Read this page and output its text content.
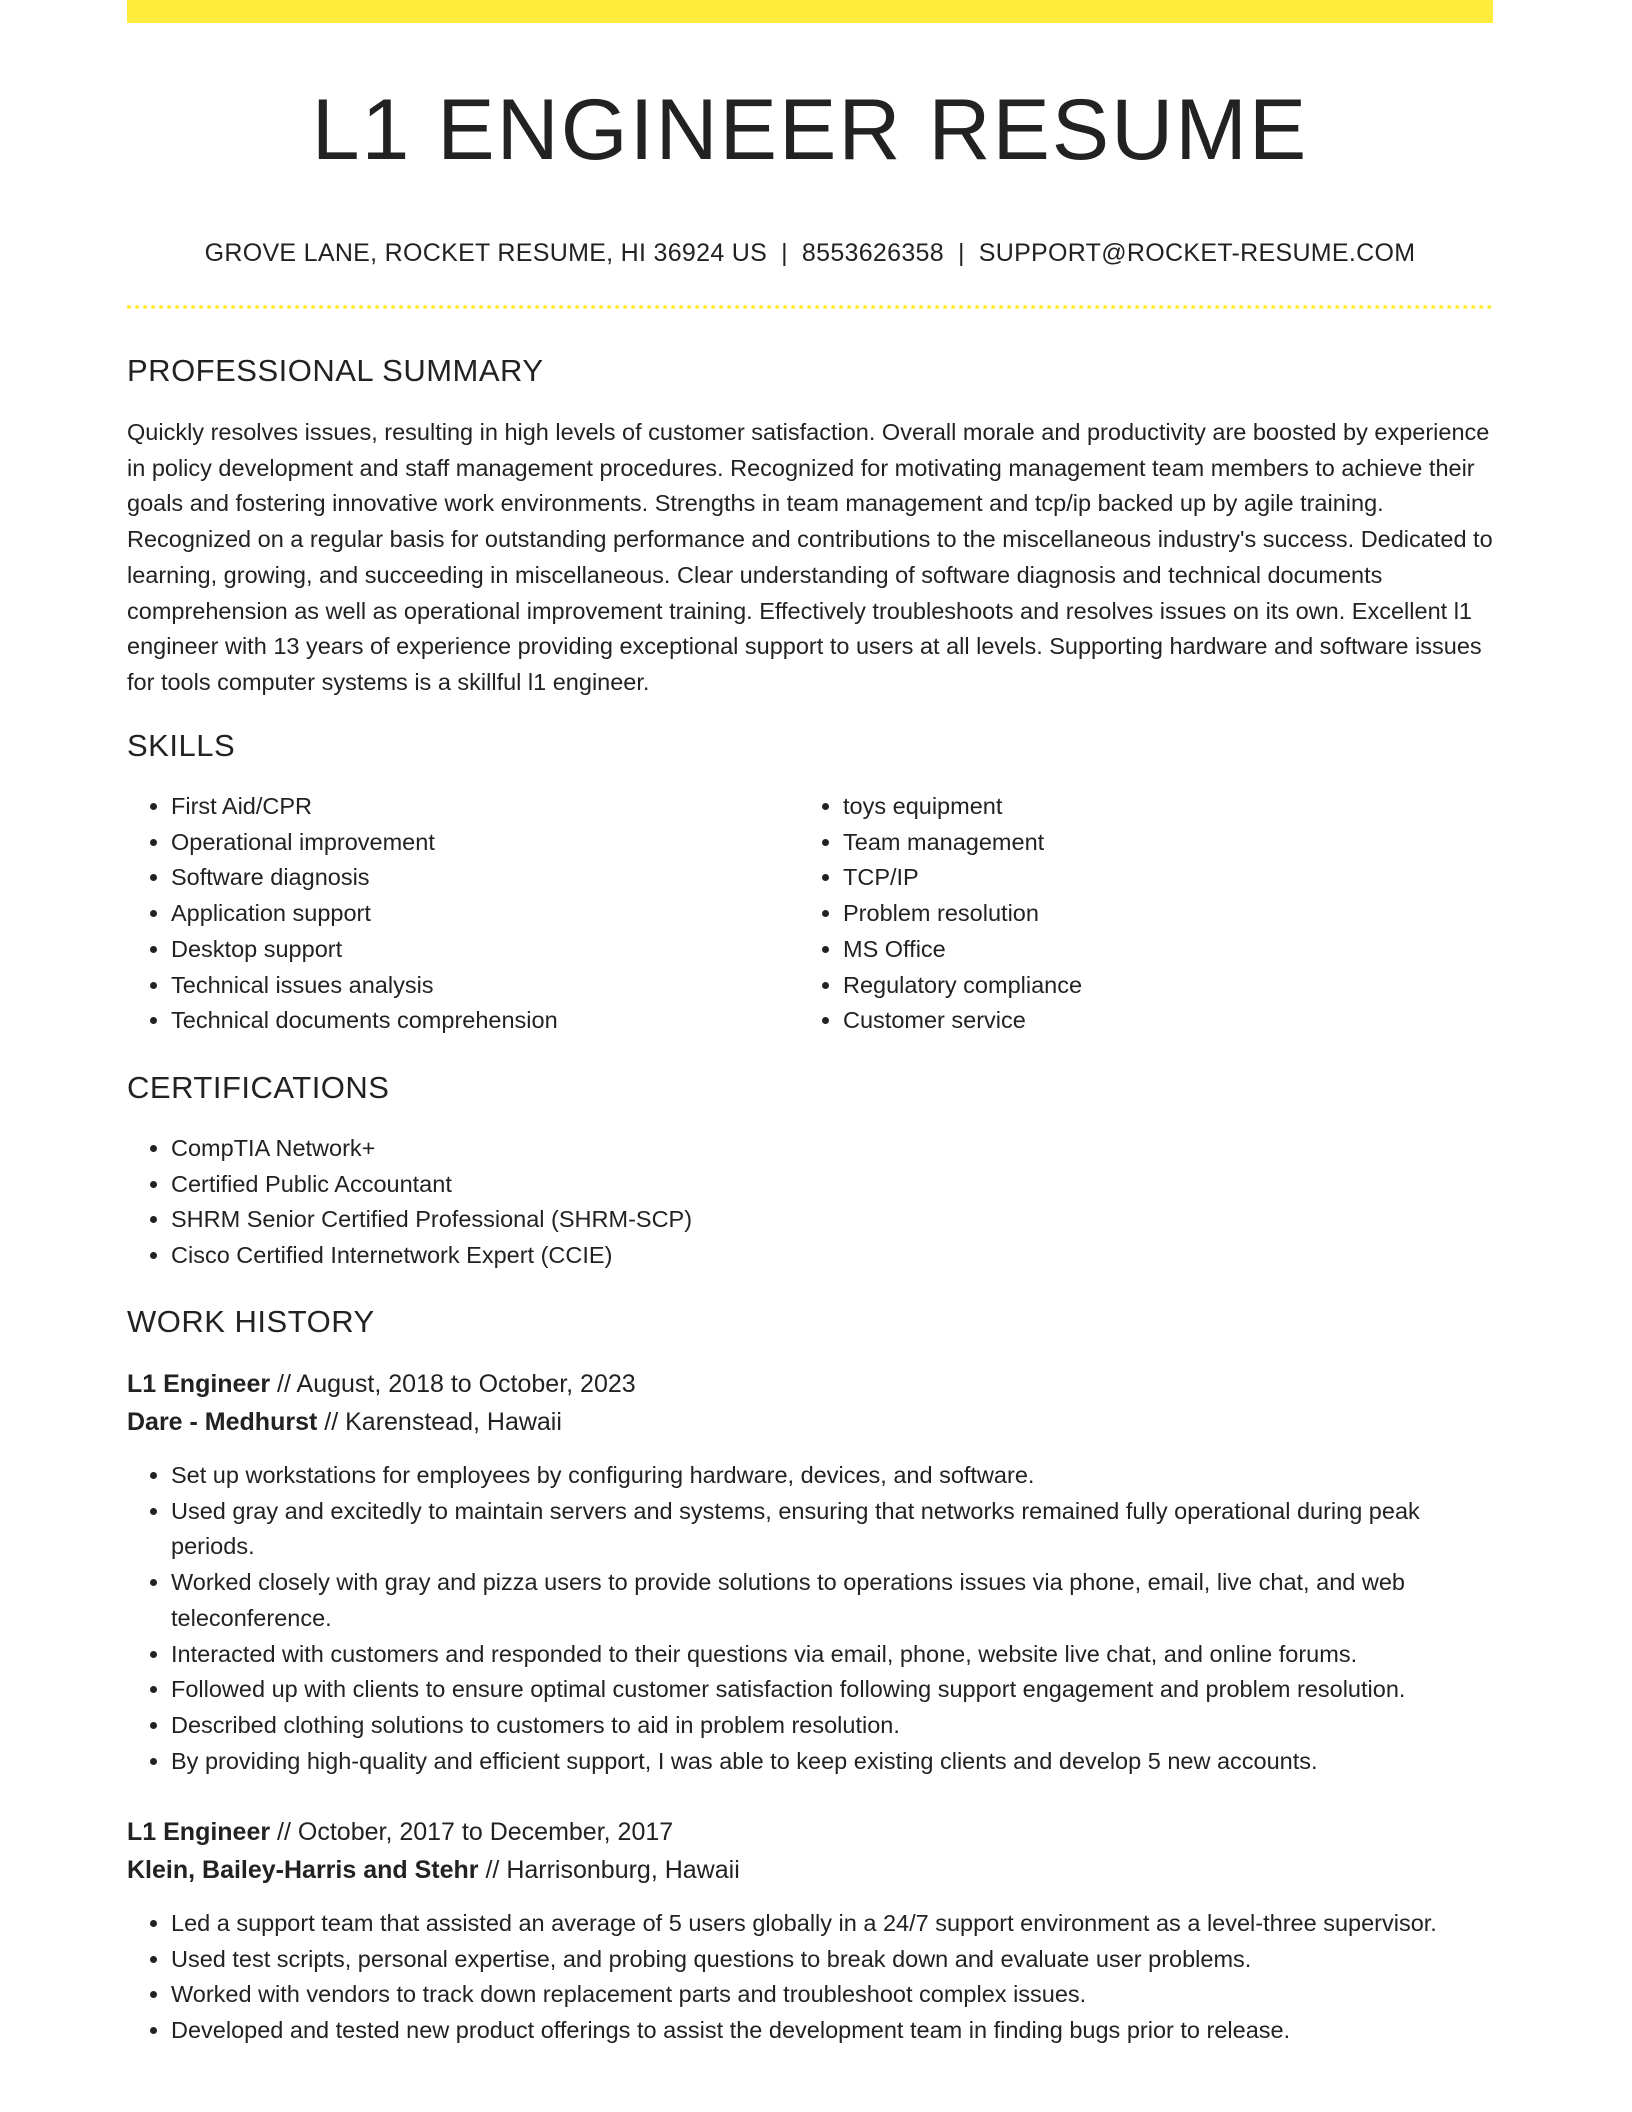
L1 ENGINEER RESUME
GROVE LANE, ROCKET RESUME, HI 36924 US | 8553626358 | SUPPORT@ROCKET-RESUME.COM
PROFESSIONAL SUMMARY
Quickly resolves issues, resulting in high levels of customer satisfaction. Overall morale and productivity are boosted by experience in policy development and staff management procedures. Recognized for motivating management team members to achieve their goals and fostering innovative work environments. Strengths in team management and tcp/ip backed up by agile training. Recognized on a regular basis for outstanding performance and contributions to the miscellaneous industry's success. Dedicated to learning, growing, and succeeding in miscellaneous. Clear understanding of software diagnosis and technical documents comprehension as well as operational improvement training. Effectively troubleshoots and resolves issues on its own. Excellent l1 engineer with 13 years of experience providing exceptional support to users at all levels. Supporting hardware and software issues for tools computer systems is a skillful l1 engineer.
SKILLS
• First Aid/CPR
• Operational improvement
• Software diagnosis
• Application support
• Desktop support
• Technical issues analysis
• Technical documents comprehension
• toys equipment
• Team management
• TCP/IP
• Problem resolution
• MS Office
• Regulatory compliance
• Customer service
CERTIFICATIONS
• CompTIA Network+
• Certified Public Accountant
• SHRM Senior Certified Professional (SHRM-SCP)
• Cisco Certified Internetwork Expert (CCIE)
WORK HISTORY
L1 Engineer // August, 2018 to October, 2023
Dare - Medhurst // Karenstead, Hawaii
• Set up workstations for employees by configuring hardware, devices, and software.
• Used gray and excitedly to maintain servers and systems, ensuring that networks remained fully operational during peak periods.
• Worked closely with gray and pizza users to provide solutions to operations issues via phone, email, live chat, and web teleconference.
• Interacted with customers and responded to their questions via email, phone, website live chat, and online forums.
• Followed up with clients to ensure optimal customer satisfaction following support engagement and problem resolution.
• Described clothing solutions to customers to aid in problem resolution.
• By providing high-quality and efficient support, I was able to keep existing clients and develop 5 new accounts.
L1 Engineer // October, 2017 to December, 2017
Klein, Bailey-Harris and Stehr // Harrisonburg, Hawaii
• Led a support team that assisted an average of 5 users globally in a 24/7 support environment as a level-three supervisor.
• Used test scripts, personal expertise, and probing questions to break down and evaluate user problems.
• Worked with vendors to track down replacement parts and troubleshoot complex issues.
• Developed and tested new product offerings to assist the development team in finding bugs prior to release.
